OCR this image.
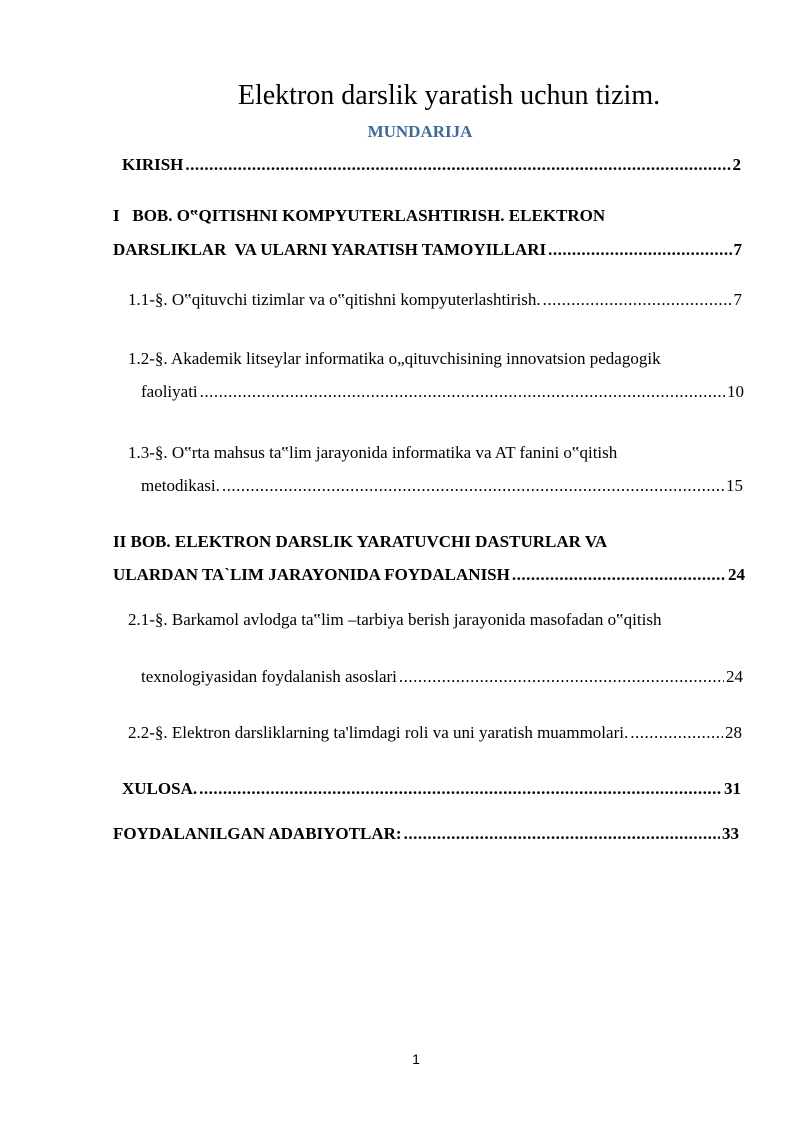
Elektron darslik yaratish uchun tizim.
MUNDARIJA
KIRISH .....	2
I   BOB. O‟QITISHNI KOMPYUTERLASHTIRISH. ELEKTRON
DARSLIKLAR  VA ULARNI YARATISH TAMOYILLARI .....	7
1.1-§. O‟qituvchi tizimlar va o‟qitishni kompyuterlashtirish. .....	7
1.2-§. Akademik litseylar informatika o„qituvchisining innovatsion pedagogik
faoliyati .....	10
1.3-§. O‟rta mahsus ta‟lim jarayonida informatika va AT fanini o‟qitish
metodikasi. .....	15
II BOB. ELEKTRON DARSLIK YARATUVCHI DASTURLAR VA
ULARDAN TA`LIM JARAYONIDA FOYDALANISH .....	24
2.1-§. Barkamol avlodga ta‟lim –tarbiya berish jarayonida masofadan o‟qitish
texnologiyasidan foydalanish asoslari .....	24
2.2-§. Elektron darsliklarning ta'limdagi roli va uni yaratish muammolari. .....	28
XULOSA. .....	31
FOYDALANILGAN ADABIYOTLAR: .....	33
1
